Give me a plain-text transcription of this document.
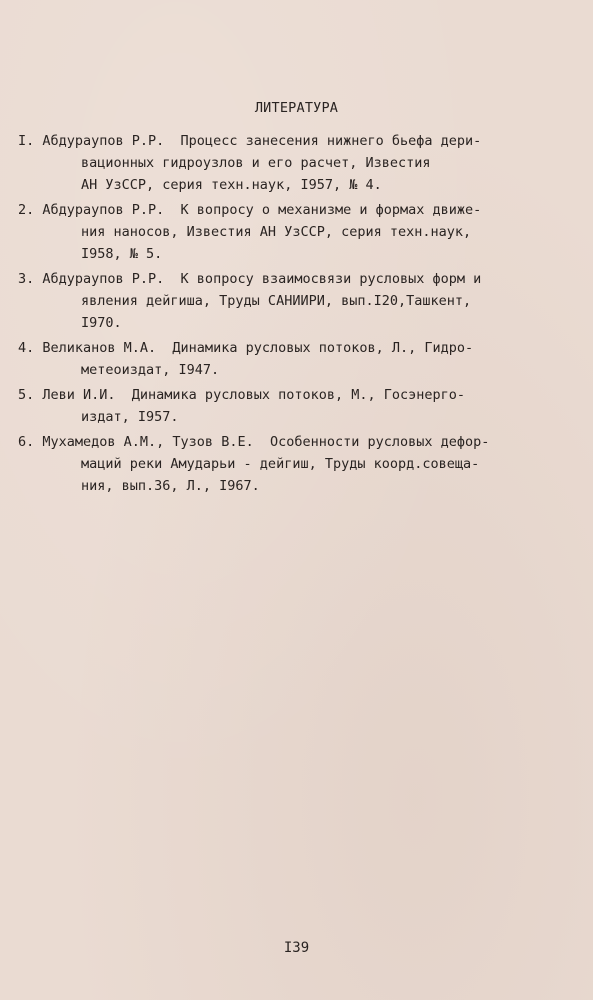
ЛИТЕРАТУРА
I. Абдураупов Р.Р.  Процесс занесения нижнего бьефа дери-
вационных гидроузлов и его расчет, Известия
АН УзССР, серия техн.наук, I957, № 4.
2. Абдураупов Р.Р.  К вопросу о механизме и формах движе-
ния наносов, Известия АН УзССР, серия техн.наук,
I958, № 5.
3. Абдураупов Р.Р.  К вопросу взаимосвязи русловых форм и
явления дейгиша, Труды САНИИРИ, вып.I20,Ташкент,
I970.
4. Великанов М.А.  Динамика русловых потоков, Л., Гидро-
метеоиздат, I947.
5. Леви И.И.  Динамика русловых потоков, М., Госэнерго-
издат, I957.
6. Мухамедов А.М., Тузов В.Е.  Особенности русловых дефор-
маций реки Амударьи - дейгиш, Труды коорд.совеща-
ния, вып.36, Л., I967.
I39
